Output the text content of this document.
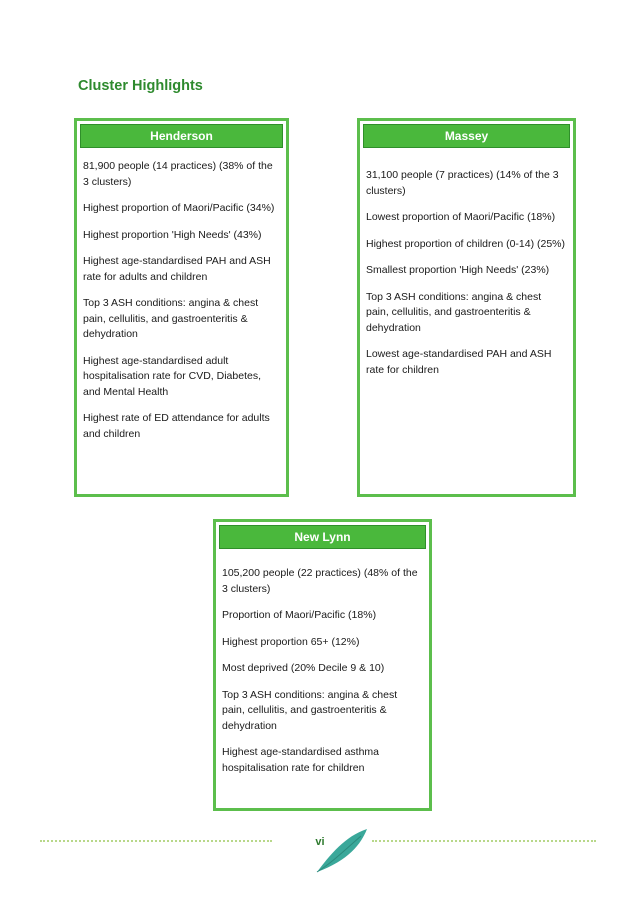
Cluster Highlights
Henderson

81,900 people (14 practices) (38% of the 3 clusters)

Highest proportion of Maori/Pacific (34%)

Highest proportion 'High Needs' (43%)

Highest age-standardised PAH and ASH rate for adults and children

Top 3 ASH conditions: angina & chest pain, cellulitis, and gastroenteritis & dehydration

Highest age-standardised adult hospitalisation rate for CVD, Diabetes, and Mental Health

Highest rate of ED attendance for adults and children

Massey

31,100 people (7 practices) (14% of the 3 clusters)

Lowest proportion of Maori/Pacific (18%)

Highest proportion of children (0-14) (25%)

Smallest proportion 'High Needs' (23%)

Top 3 ASH conditions: angina & chest pain, cellulitis, and gastroenteritis & dehydration

Lowest age-standardised PAH and ASH rate for children

New Lynn

105,200 people (22 practices) (48% of the 3 clusters)

Proportion of Maori/Pacific (18%)

Highest proportion 65+ (12%)

Most deprived (20% Decile 9 & 10)

Top 3 ASH conditions: angina & chest pain, cellulitis, and gastroenteritis & dehydration

Highest age-standardised asthma hospitalisation rate for children

vi
